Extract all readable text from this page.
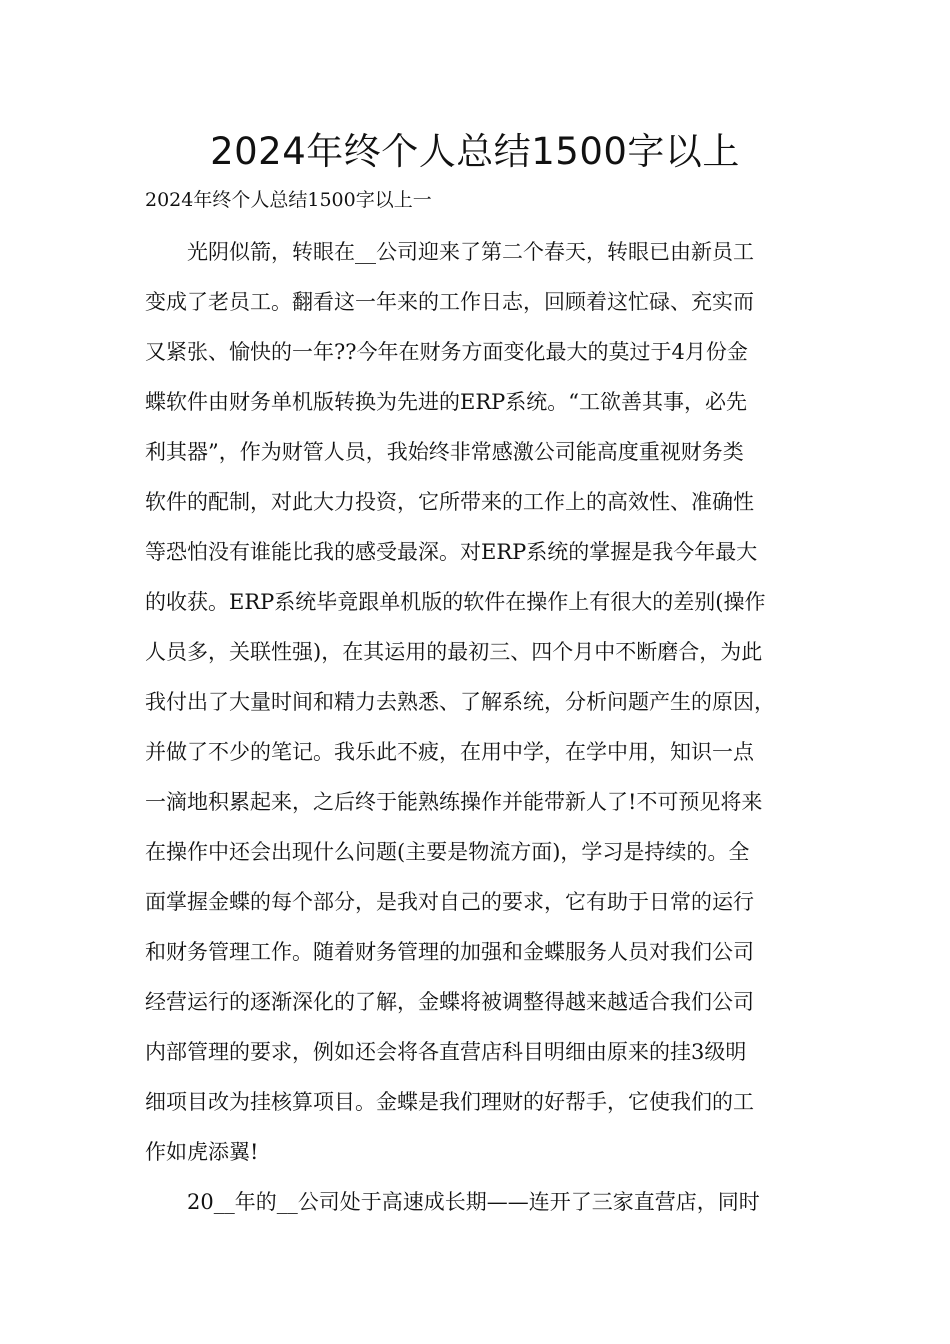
2024年终个人总结1500字以上

2024年终个人总结1500字以上一

　　光阴似箭，转眼在__公司迎来了第二个春天，转眼已由新员工

变成了老员工。翻看这一年来的工作日志，回顾着这忙碌、充实而

又紧张、愉快的一年??今年在财务方面变化最大的莫过于4月份金

蝶软件由财务单机版转换为先进的ERP系统。“工欲善其事，必先

利其器”，作为财管人员，我始终非常感激公司能高度重视财务类

软件的配制，对此大力投资，它所带来的工作上的高效性、准确性

等恐怕没有谁能比我的感受最深。对ERP系统的掌握是我今年最大

的收获。ERP系统毕竟跟单机版的软件在操作上有很大的差别(操作

人员多，关联性强)，在其运用的最初三、四个月中不断磨合，为此

我付出了大量时间和精力去熟悉、了解系统，分析问题产生的原因，

并做了不少的笔记。我乐此不疲，在用中学，在学中用，知识一点

一滴地积累起来，之后终于能熟练操作并能带新人了!不可预见将来

在操作中还会出现什么问题(主要是物流方面)，学习是持续的。全

面掌握金蝶的每个部分，是我对自己的要求，它有助于日常的运行

和财务管理工作。随着财务管理的加强和金蝶服务人员对我们公司

经营运行的逐渐深化的了解，金蝶将被调整得越来越适合我们公司

内部管理的要求，例如还会将各直营店科目明细由原来的挂3级明

细项目改为挂核算项目。金蝶是我们理财的好帮手，它使我们的工

作如虎添翼!

　　20__年的__公司处于高速成长期——连开了三家直营店，同时
